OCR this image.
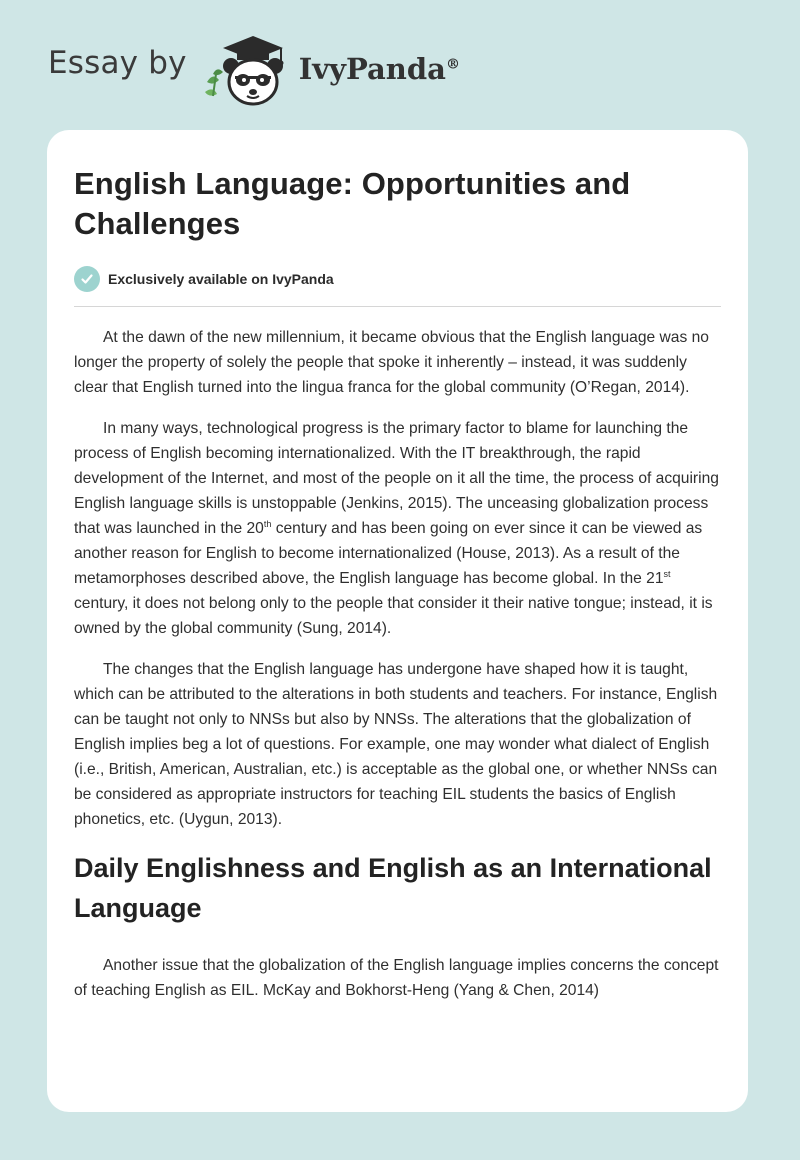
Essay by	IvyPanda®
English Language: Opportunities and Challenges
Exclusively available on IvyPanda

At the dawn of the new millennium, it became obvious that the English language was no longer the property of solely the people that spoke it inherently – instead, it was suddenly clear that English turned into the lingua franca for the global community (O’Regan, 2014).

In many ways, technological progress is the primary factor to blame for launching the process of English becoming internationalized. With the IT breakthrough, the rapid development of the Internet, and most of the people on it all the time, the process of acquiring English language skills is unstoppable (Jenkins, 2015). The unceasing globalization process that was launched in the 20th century and has been going on ever since it can be viewed as another reason for English to become internationalized (House, 2013). As a result of the metamorphoses described above, the English language has become global. In the 21st century, it does not belong only to the people that consider it their native tongue; instead, it is owned by the global community (Sung, 2014).

The changes that the English language has undergone have shaped how it is taught, which can be attributed to the alterations in both students and teachers. For instance, English can be taught not only to NNSs but also by NNSs. The alterations that the globalization of English implies beg a lot of questions. For example, one may wonder what dialect of English (i.e., British, American, Australian, etc.) is acceptable as the global one, or whether NNSs can be considered as appropriate instructors for teaching EIL students the basics of English phonetics, etc. (Uygun, 2013).

Daily Englishness and English as an International Language

Another issue that the globalization of the English language implies concerns the concept of teaching English as EIL. McKay and Bokhorst-Heng (Yang & Chen, 2014)
